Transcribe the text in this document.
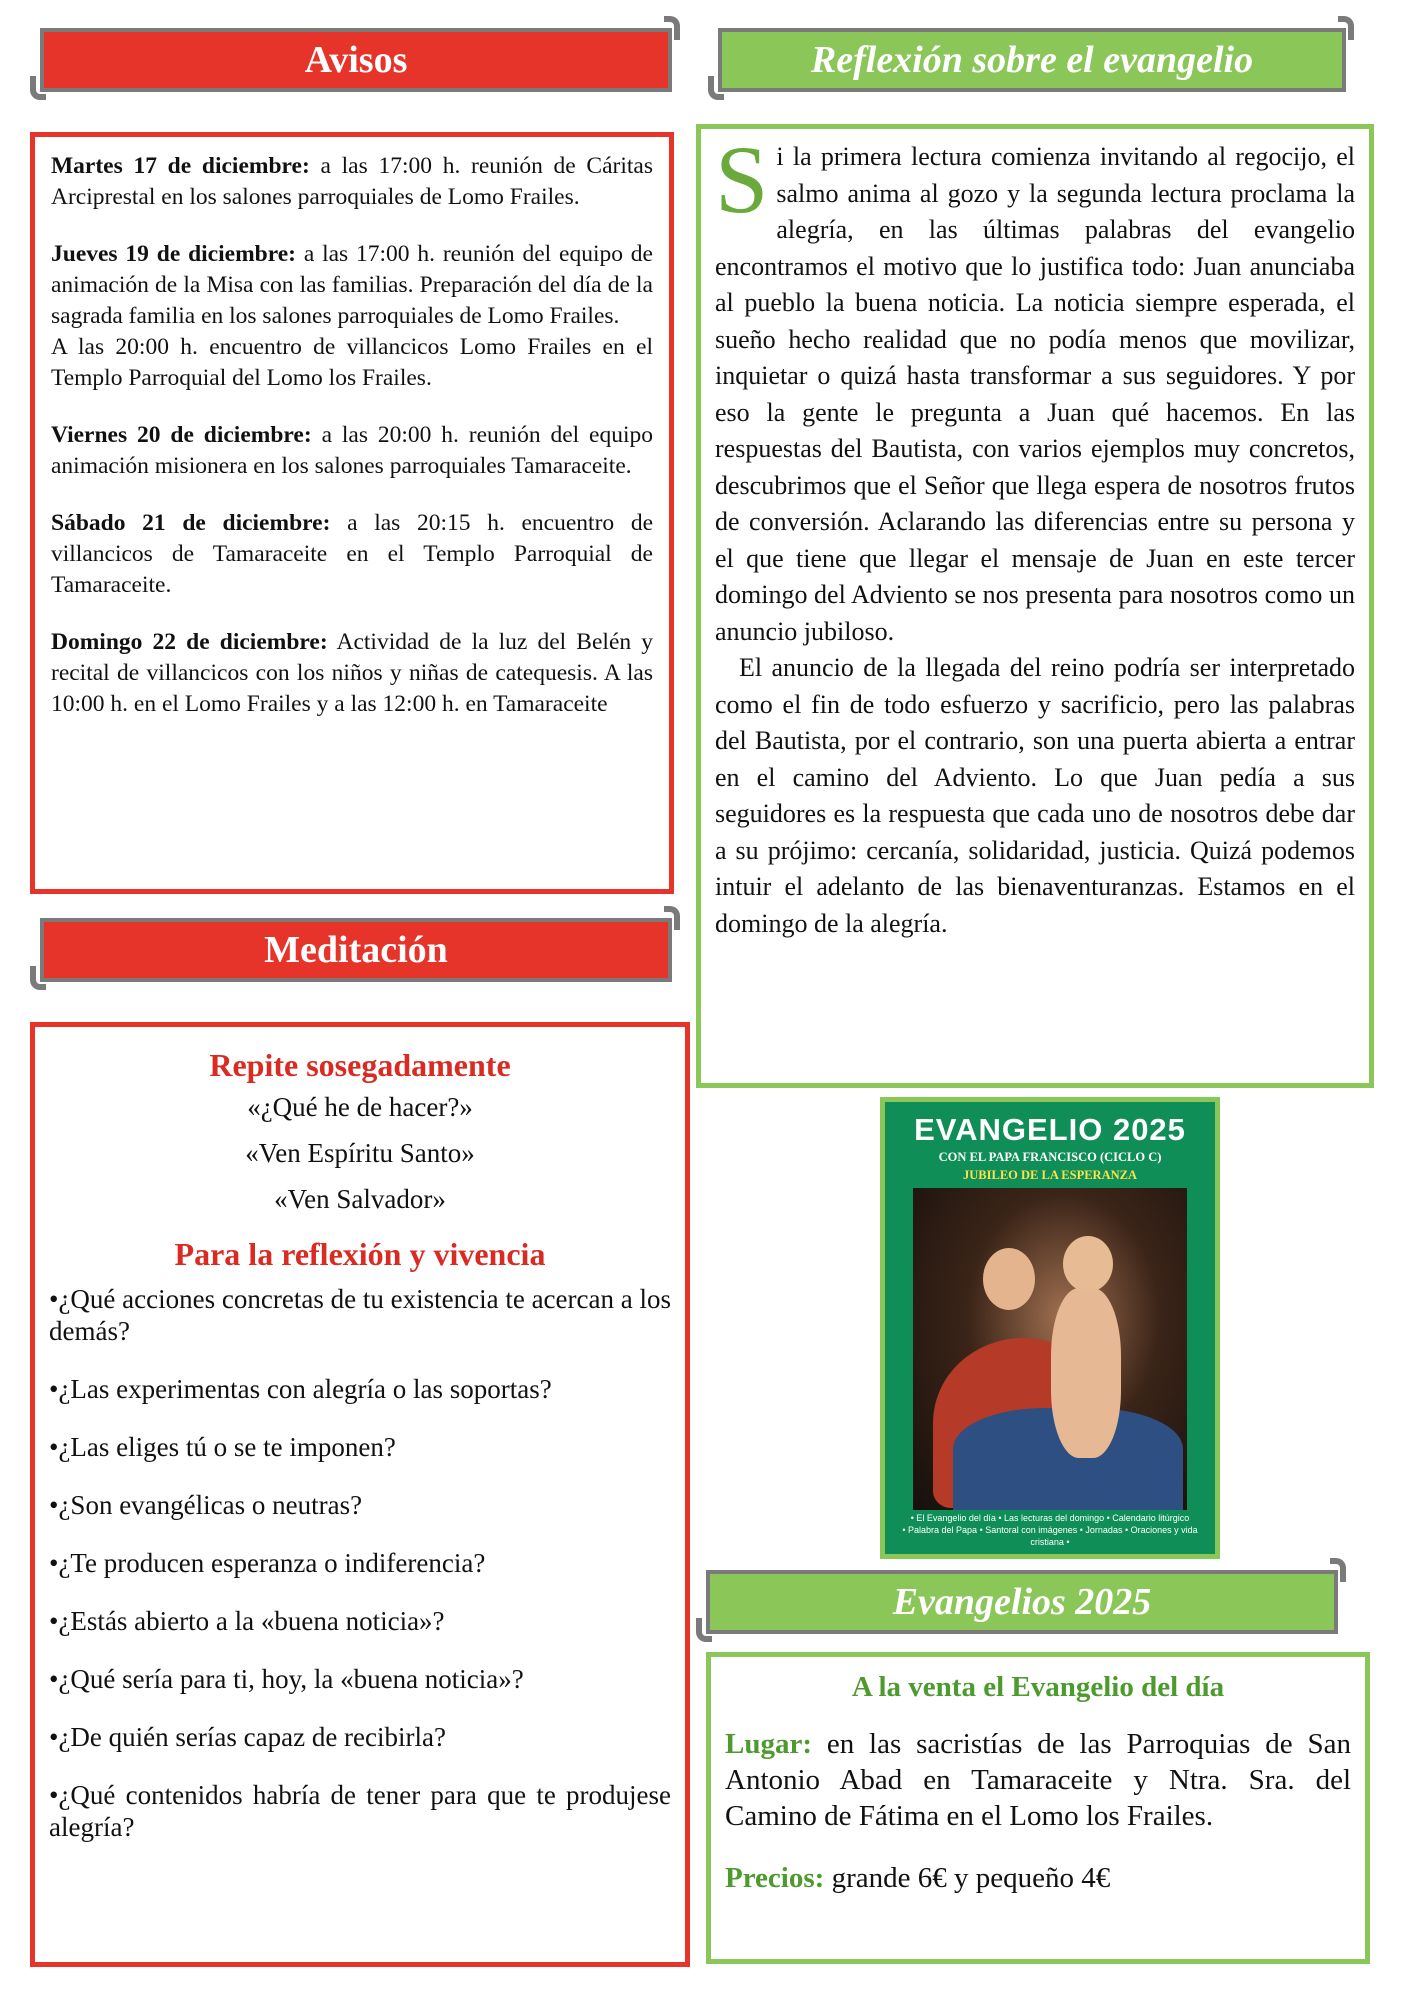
Avisos

Martes 17 de diciembre: a las 17:00 h. reunión de Cáritas Arciprestal en los salones parroquiales de Lomo Frailes.

Jueves 19 de diciembre: a las 17:00 h. reunión del equipo de animación de la Misa con las familias. Preparación del día de la sagrada familia en los salones parroquiales de Lomo Frailes.
A las 20:00 h. encuentro de villancicos Lomo Frailes en el Templo Parroquial del Lomo los Frailes.

Viernes 20 de diciembre: a las 20:00 h. reunión del equipo animación misionera en los salones parroquiales Tamaraceite.

Sábado 21 de diciembre: a las 20:15 h. encuentro de villancicos de Tamaraceite en el Templo Parroquial de Tamaraceite.

Domingo 22 de diciembre: Actividad de la luz del Belén y recital de villancicos con los niños y niñas de catequesis. A las 10:00 h. en el Lomo Frailes y a las 12:00 h. en Tamaraceite

Meditación
Repite sosegadamente
«¿Qué he de hacer?»
«Ven Espíritu Santo»
«Ven Salvador»
Para la reflexión y vivencia
•¿Qué acciones concretas de tu existencia te acercan a los demás?
•¿Las experimentas con alegría o las soportas?
•¿Las eliges tú o se te imponen?
•¿Son evangélicas o neutras?
•¿Te producen esperanza o indiferencia?
•¿Estás abierto a la «buena noticia»?
•¿Qué sería para ti, hoy, la «buena noticia»?
•¿De quién serías capaz de recibirla?
•¿Qué contenidos habría de tener para que te produjese alegría?
Reflexión sobre el evangelio

Si la primera lectura comienza invitando al regocijo, el salmo anima al gozo y la segunda lectura proclama la alegría, en las últimas palabras del evangelio encontramos el motivo que lo justifica todo: Juan anunciaba al pueblo la buena noticia. La noticia siempre esperada, el sueño hecho realidad que no podía menos que movilizar, inquietar o quizá hasta transformar a sus seguidores. Y por eso la gente le pregunta a Juan qué hacemos. En las respuestas del Bautista, con varios ejemplos muy concretos, descubrimos que el Señor que llega espera de nosotros frutos de conversión. Aclarando las diferencias entre su persona y el que tiene que llegar el mensaje de Juan en este tercer domingo del Adviento se nos presenta para nosotros como un anuncio jubiloso.

El anuncio de la llegada del reino podría ser interpretado como el fin de todo esfuerzo y sacrificio, pero las palabras del Bautista, por el contrario, son una puerta abierta a entrar en el camino del Adviento. Lo que Juan pedía a sus seguidores es la respuesta que cada uno de nosotros debe dar a su prójimo: cercanía, solidaridad, justicia. Quizá podemos intuir el adelanto de las bienaventuranzas. Estamos en el domingo de la alegría.

EVANGELIO 2025
CON EL PAPA FRANCISCO (CICLO C)
JUBILEO DE LA ESPERANZA
• El Evangelio del día • Las lecturas del domingo • Calendario litúrgico
• Palabra del Papa • Santoral con imágenes • Jornadas • Oraciones y vida cristiana •
Evangelios 2025
A la venta el Evangelio del día

Lugar: en las sacristías de las Parroquias de San Antonio Abad en Tamaraceite y Ntra. Sra. del Camino de Fátima en el Lomo los Frailes.

Precios: grande 6€ y pequeño 4€
